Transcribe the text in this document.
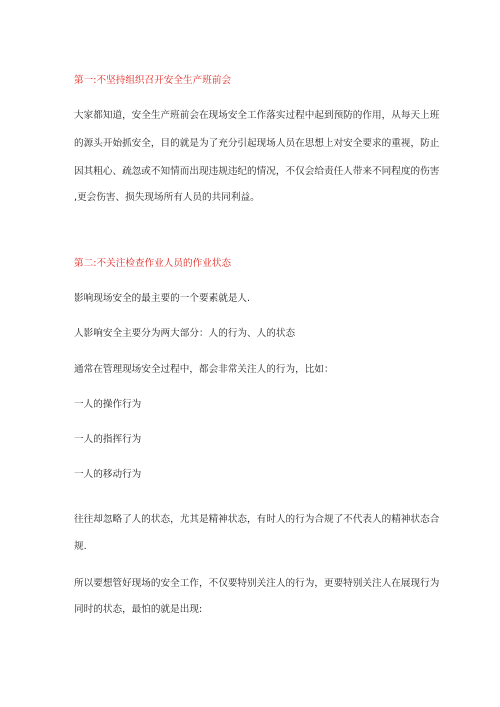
第一:不坚持组织召开安全生产班前会
大家都知道，安全生产班前会在现场安全工作落实过程中起到预防的作用，从每天上班
的源头开始抓安全，目的就是为了充分引起现场人员在思想上对安全要求的重视，防止
因其粗心、疏忽或不知情而出现违规违纪的情况，不仅会给责任人带来不同程度的伤害
,更会伤害、损失现场所有人员的共同利益。
第二:不关注检查作业人员的作业状态
影响现场安全的最主要的一个要素就是人.
人影响安全主要分为两大部分：人的行为、人的状态
通常在管理现场安全过程中，都会非常关注人的行为，比如：
一人的操作行为
一人的指挥行为
一人的移动行为
往往却忽略了人的状态，尤其是精神状态，有时人的行为合规了不代表人的精神状态合
规.
所以要想管好现场的安全工作，不仅要特别关注人的行为，更要特别关注人在展现行为
同时的状态，最怕的就是出现:
